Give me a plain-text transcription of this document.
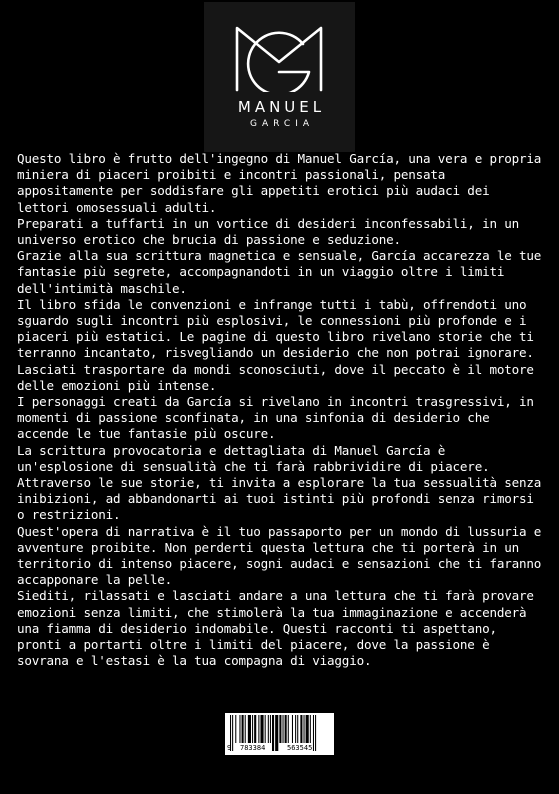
MANUEL
GARCIA

Questo libro è frutto dell'ingegno di Manuel García, una vera e propria miniera di piaceri proibiti e incontri passionali, pensata appositamente per soddisfare gli appetiti erotici più audaci dei lettori omosessuali adulti.

Preparati a tuffarti in un vortice di desideri inconfessabili, in un universo erotico che brucia di passione e seduzione.

Grazie alla sua scrittura magnetica e sensuale, García accarezza le tue fantasie più segrete, accompagnandoti in un viaggio oltre i limiti dell'intimità maschile.

Il libro sfida le convenzioni e infrange tutti i tabù, offrendoti uno sguardo sugli incontri più esplosivi, le connessioni più profonde e i piaceri più estatici. Le pagine di questo libro rivelano storie che ti terranno incantato, risvegliando un desiderio che non potrai ignorare.

Lasciati trasportare da mondi sconosciuti, dove il peccato è il motore delle emozioni più intense.

I personaggi creati da García si rivelano in incontri trasgressivi, in momenti di passione sconfinata, in una sinfonia di desiderio che accende le tue fantasie più oscure.

La scrittura provocatoria e dettagliata di Manuel García è un'esplosione di sensualità che ti farà rabbrividire di piacere. Attraverso le sue storie, ti invita a esplorare la tua sessualità senza inibizioni, ad abbandonarti ai tuoi istinti più profondi senza rimorsi o restrizioni.

Quest'opera di narrativa è il tuo passaporto per un mondo di lussuria e avventure proibite. Non perderti questa lettura che ti porterà in un territorio di intenso piacere, sogni audaci e sensazioni che ti faranno accapponare la pelle.

Siediti, rilassati e lasciati andare a una lettura che ti farà provare emozioni senza limiti, che stimolerà la tua immaginazione e accenderà una fiamma di desiderio indomabile. Questi racconti ti aspettano, pronti a portarti oltre i limiti del piacere, dove la passione è sovrana e l'estasi è la tua compagna di viaggio.

9 783384	563545
